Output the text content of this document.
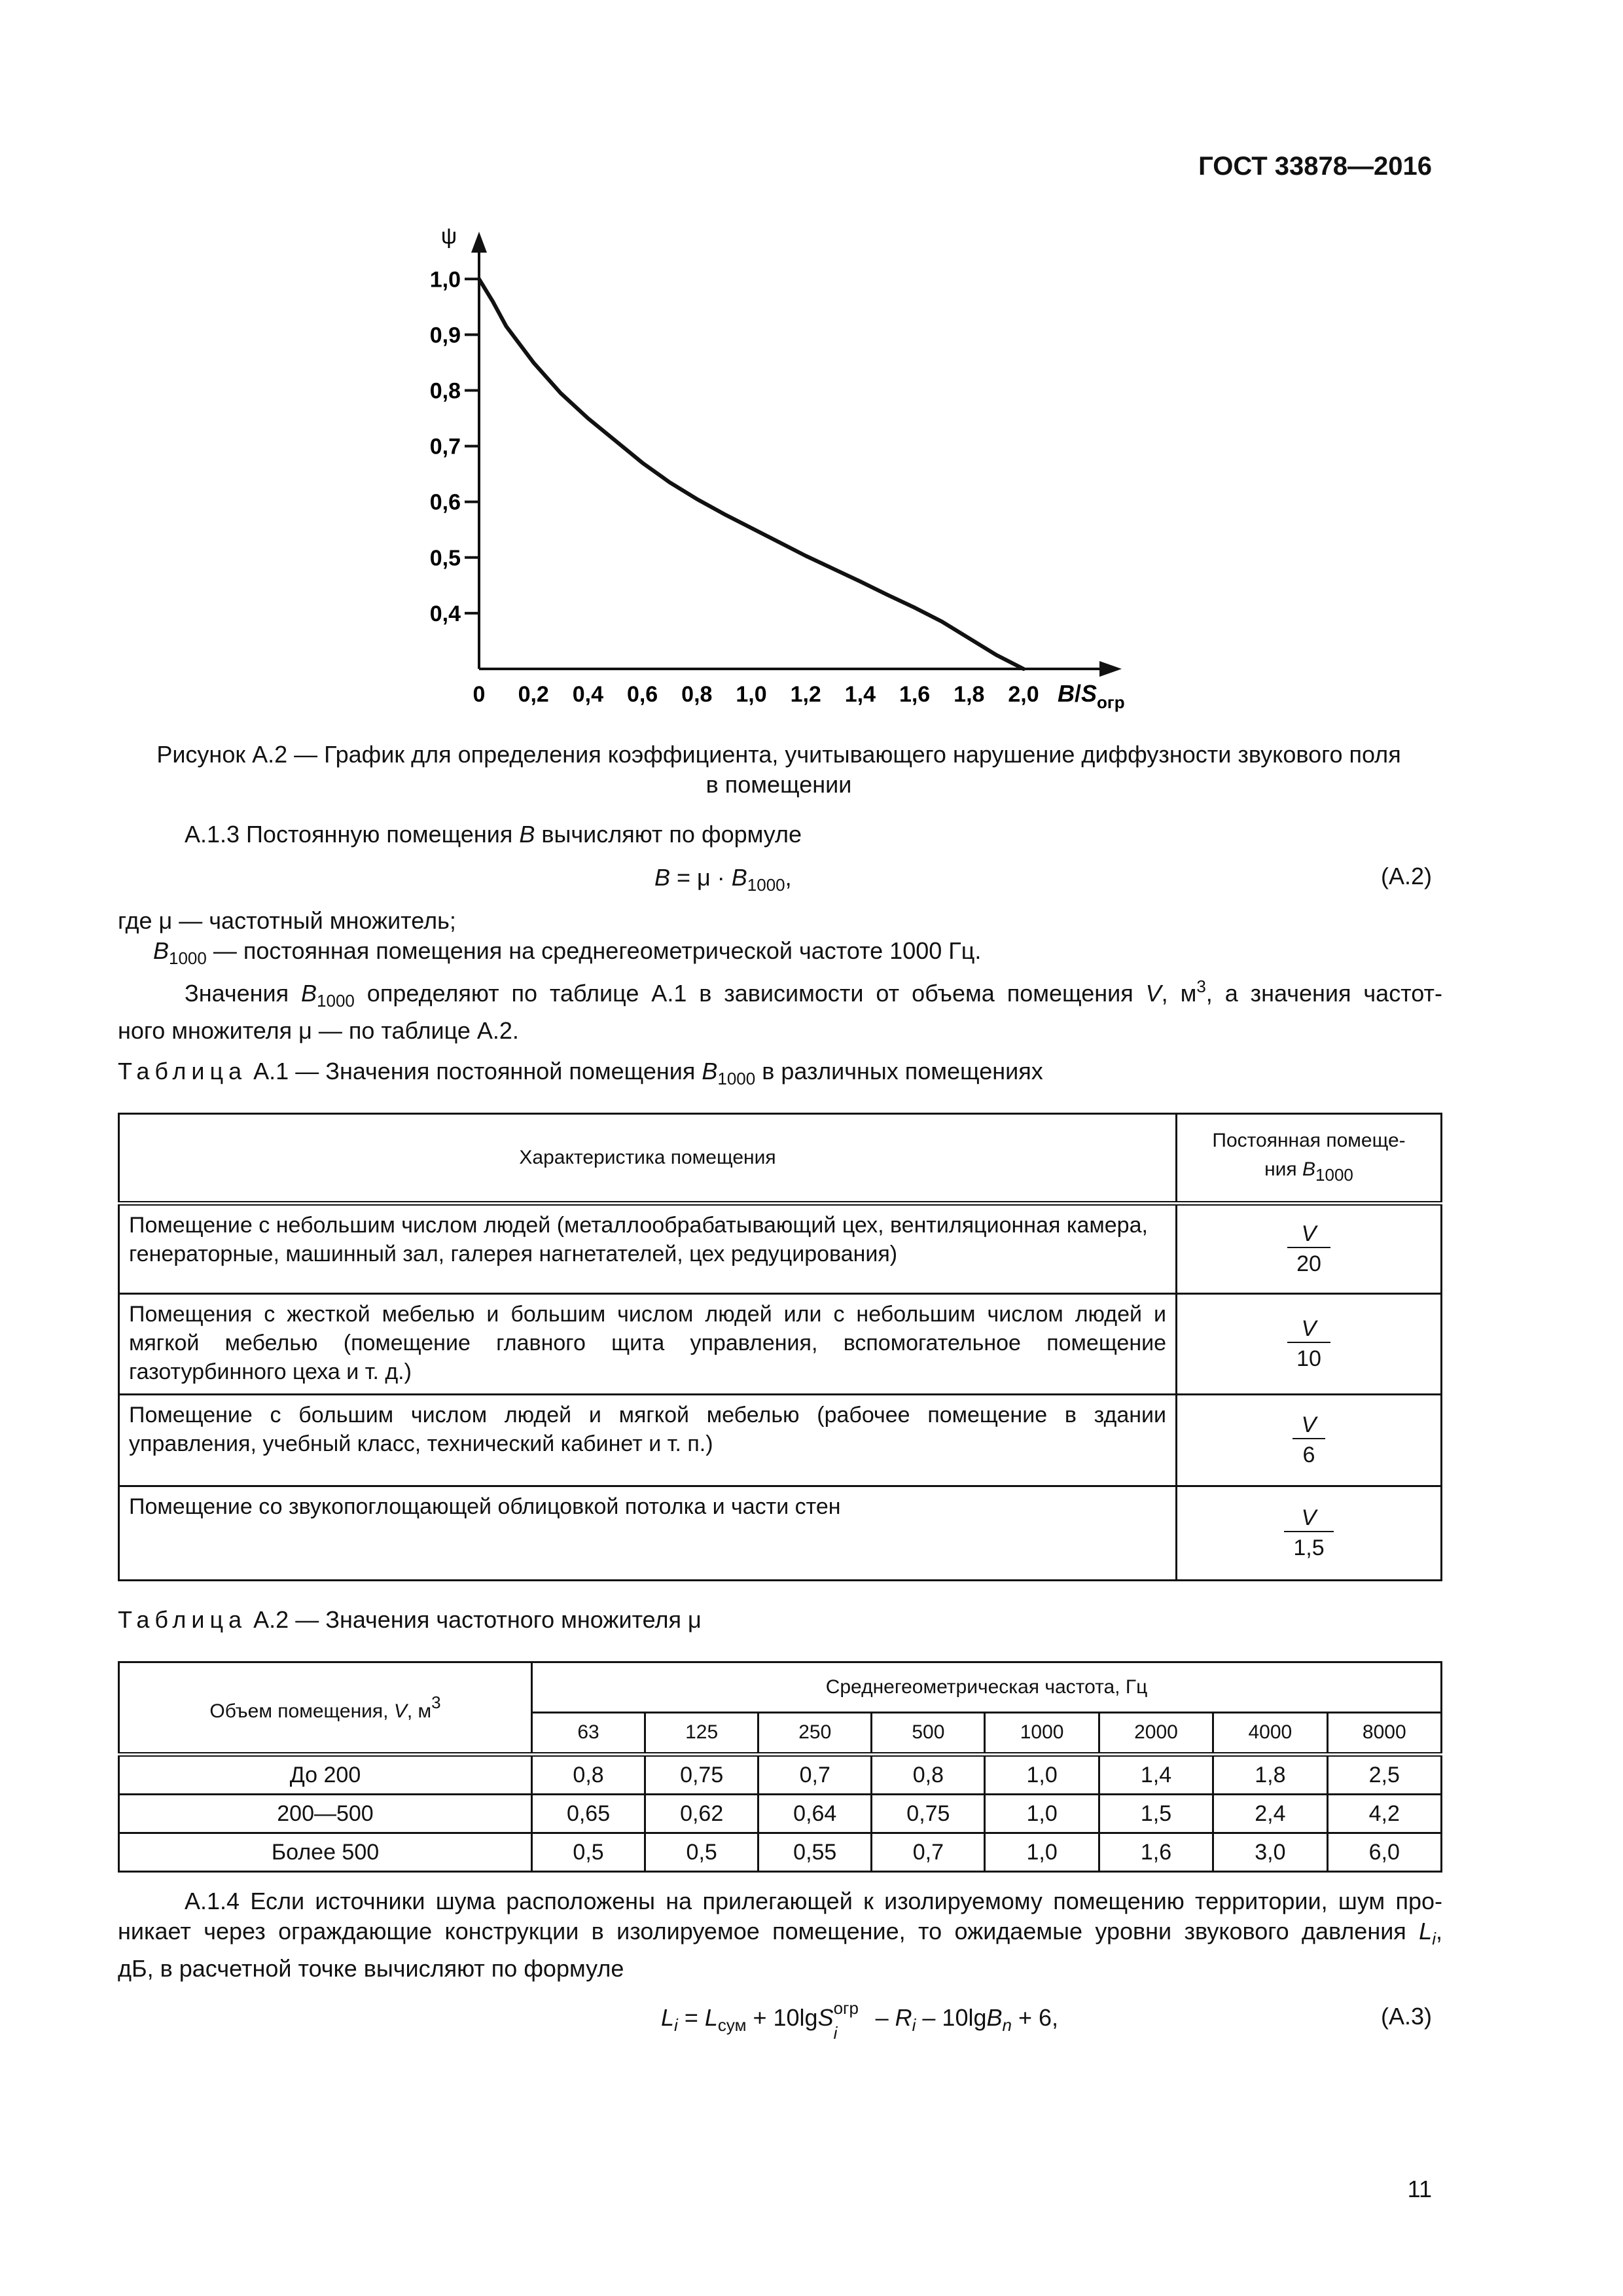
ГОСТ 33878—2016
ψ
0,4
0,5
0,6
0,7
0,8
0,9
1,0
0 0,2 0,4 0,6 0,8 1,0 1,2 1,4 1,6 1,8 2,0 $B/S_{огр}$
Рисунок А.2 — График для определения коэффициента, учитывающего нарушение диффузности звукового поля
в помещении
А.1.3 Постоянную помещения B вычисляют по формуле
$B = \mu \cdot B_{1000}$,	(А.2)
где μ — частотный множитель;
$B_{1000}$ — постоянная помещения на среднегеометрической частоте 1000 Гц.
Значения $B_{1000}$ определяют по таблице А.1 в зависимости от объема помещения V, $м^3$, а значения частот-
ного множителя μ — по таблице А.2.
Таблица А.1 — Значения постоянной помещения $B_{1000}$ в различных помещениях
Характеристика помещения	Постоянная помеще-
ния $B_{1000}$

Помещение с небольшим числом людей (металлообрабатывающий цех, вентиляционная камера, генераторные, машинный зал, галерея нагнетателей, цех редуцирования)	$\frac{V}{20}$

Помещения с жесткой мебелью и большим числом людей или с небольшим числом людей и мягкой мебелью (помещение главного щита управления, вспомогательное помещение газотурбинного цеха и т. д.)	$\frac{V}{10}$

Помещение с большим числом людей и мягкой мебелью (рабочее помещение в здании управления, учебный класс, технический кабинет и т. п.)	$\frac{V}{6}$

Помещение со звукопоглощающей облицовкой потолка и части стен	$\frac{V}{1,5}$
Таблица А.2 — Значения частотного множителя μ
Объем помещения, V, $м^3$	Среднегеометрическая частота, Гц							
	63	125	250	500	1000	2000	4000	8000
До 200	0,8	0,75	0,7	0,8	1,0	1,4	1,8	2,5
200—500	0,65	0,62	0,64	0,75	1,0	1,5	2,4	4,2
Более 500	0,5	0,5	0,55	0,7	1,0	1,6	3,0	6,0
А.1.4 Если источники шума расположены на прилегающей к изолируемому помещению территории, шум про-
никает через ограждающие конструкции в изолируемое помещение, то ожидаемые уровни звукового давления $L_i$,
дБ, в расчетной точке вычисляют по формуле
$L_i = L_{сум} + 10\lg S$ огр
i
– $R_i - 10\lg B_n + 6$,	(А.3)
11
